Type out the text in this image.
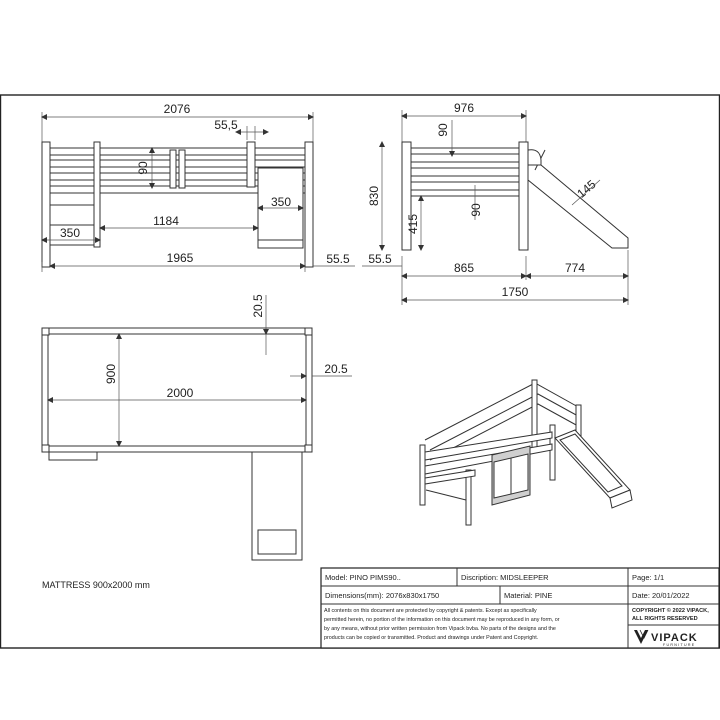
2076
55,5
90
350
1184
350
1965	55.5
976
830
90
90
415
145
55.5
865	774
1750
20.5
900
2000
20.5
Model: PINO PIMS90..	Discription: MIDSLEEPER	Page: 1/1
Dimensions(mm): 2076x830x1750	Material: PINE	Date: 20/01/2022
All contents on this document are protected by copyright & patents. Except as specifically
permitted herein, no portion of the information on this document may be reproduced in any form, or
by any means, without prior written permission from Vipack bvba. No parts of the designs and the
products can be copied or transmitted. Product and drawings under Patent and Copyright.
COPYRIGHT © 2022 VIPACK,
ALL RIGHTS RESERVED
VIPACK
FURNITURE
MATTRESS 900x2000 mm
